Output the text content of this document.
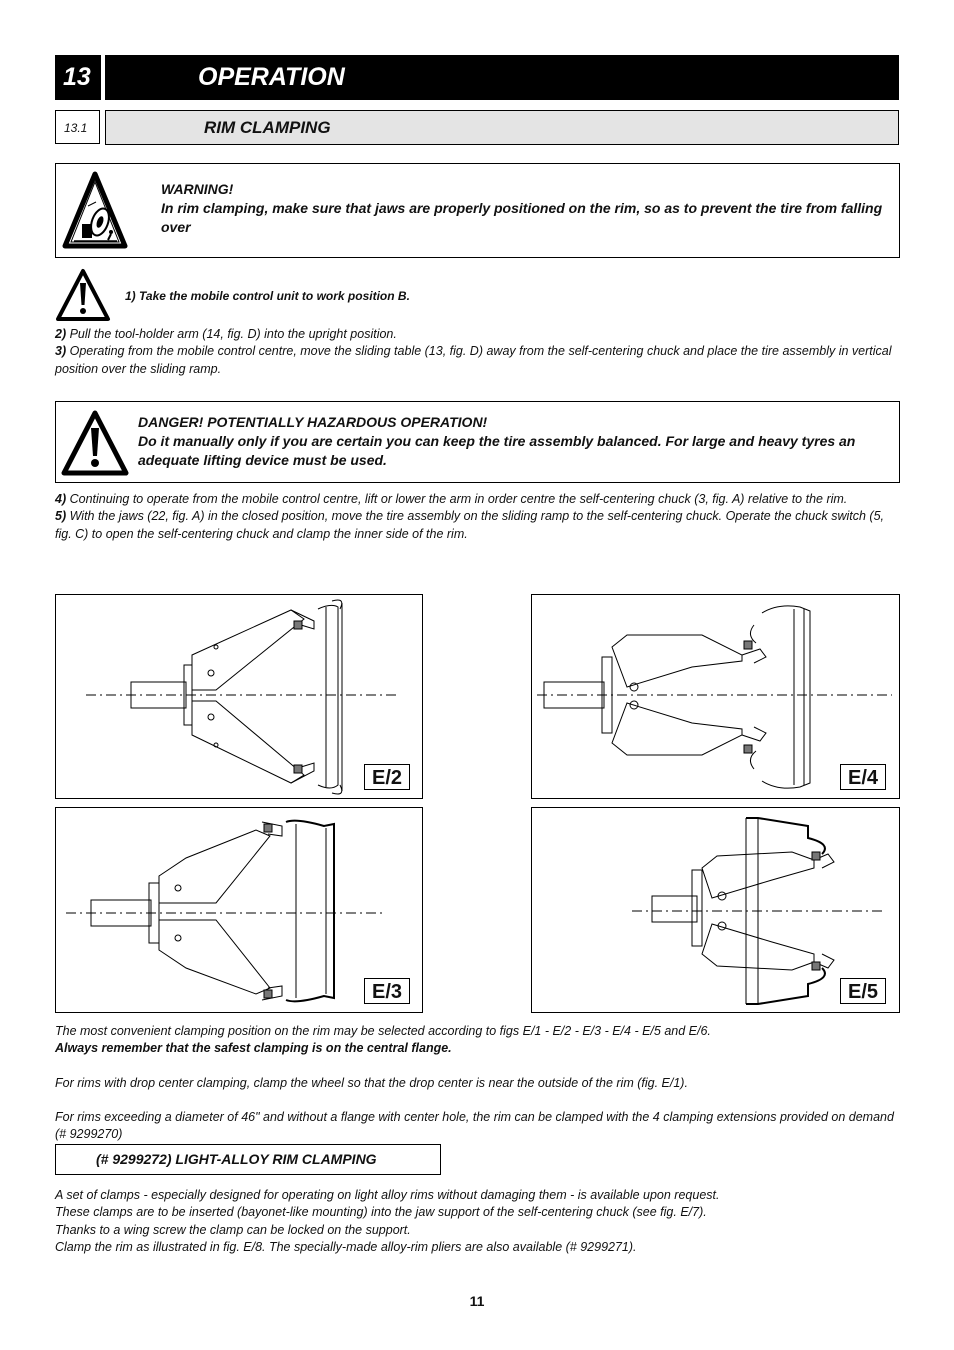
13	OPERATION
13.1	RIM CLAMPING
WARNING!
In rim clamping, make sure that jaws are properly positioned on the rim, so as to prevent the tire from falling over
1) Take the mobile control unit to work position B.
2) Pull the tool-holder arm (14, fig. D) into the upright position.
3) Operating from the mobile control centre, move the sliding table (13, fig. D) away from the self-centering chuck and place the tire assembly in vertical position over the sliding ramp.
DANGER! POTENTIALLY HAZARDOUS OPERATION!
Do it manually only if you are certain you can keep the tire assembly balanced. For large and heavy tyres an adequate lifting device must be used.
4) Continuing to operate from the mobile control centre, lift or lower the arm in order centre the self-centering chuck (3, fig. A) relative to the rim.
5) With the jaws (22, fig. A) in the closed position, move the tire assembly on the sliding ramp to the self-centering chuck. Operate the chuck switch (5, fig. C) to open the self-centering chuck and clamp the inner side of the rim.
E/2	E/4
E/3	E/5
The most convenient clamping position on the rim may be selected according to figs E/1 - E/2 - E/3 - E/4 - E/5 and E/6.
Always remember that the safest clamping is on the central flange.
For rims with drop center clamping, clamp the wheel so that the drop center is near the outside of the rim (fig. E/1).
For rims exceeding a diameter of 46" and without a flange with center hole, the rim can be clamped with the 4 clamping extensions provided on demand (# 9299270)
(# 9299272) LIGHT-ALLOY RIM CLAMPING
A set of clamps - especially designed for operating on light alloy rims without damaging them - is available upon request.
These clamps are to be inserted (bayonet-like mounting) into the jaw support of the self-centering chuck (see fig. E/7).
Thanks to a wing screw the clamp can be locked on the support.
Clamp the rim as illustrated in fig. E/8. The specially-made alloy-rim pliers are also available (# 9299271).
11
